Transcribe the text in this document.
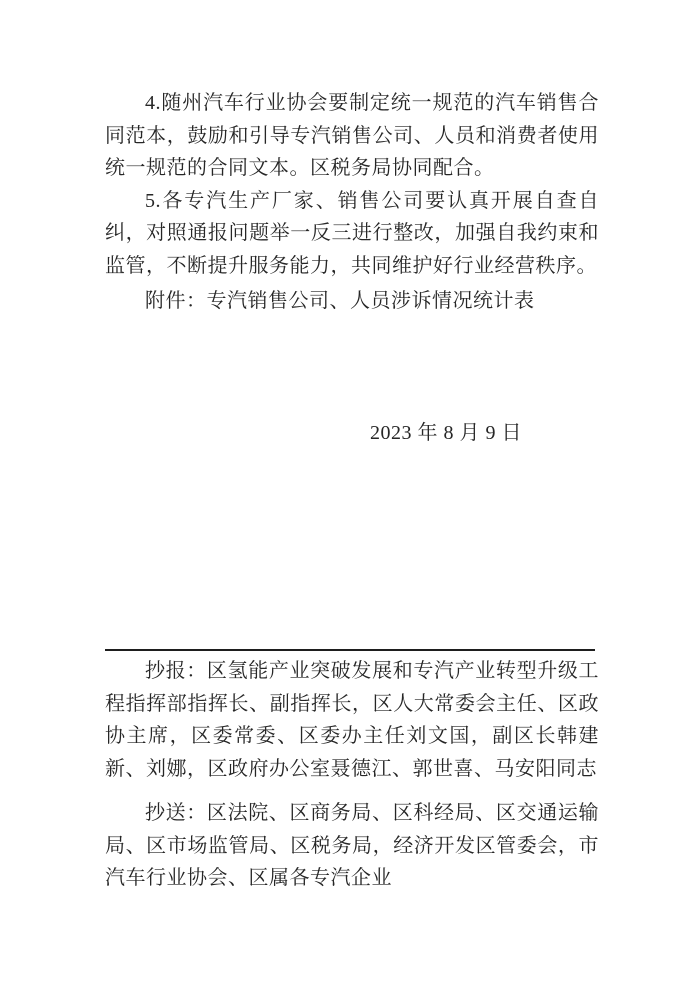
4.随州汽车行业协会要制定统一规范的汽车销售合同范本，鼓励和引导专汽销售公司、人员和消费者使用统一规范的合同文本。区税务局协同配合。

5.各专汽生产厂家、销售公司要认真开展自查自纠，对照通报问题举一反三进行整改，加强自我约束和监管，不断提升服务能力，共同维护好行业经营秩序。

附件：专汽销售公司、人员涉诉情况统计表

2023 年 8 月 9 日

抄报：区氢能产业突破发展和专汽产业转型升级工程指挥部指挥长、副指挥长，区人大常委会主任、区政协主席，区委常委、区委办主任刘文国，副区长韩建新、刘娜，区政府办公室聂德江、郭世喜、马安阳同志

抄送：区法院、区商务局、区科经局、区交通运输局、区市场监管局、区税务局，经济开发区管委会，市汽车行业协会、区属各专汽企业
